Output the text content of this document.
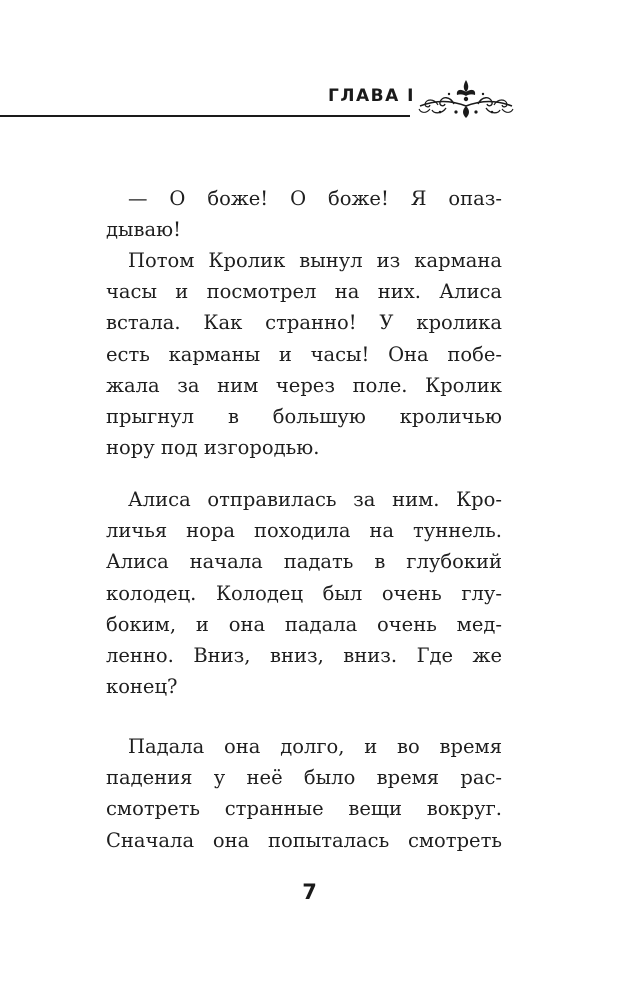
ГЛАВА I
— О боже! О боже! Я опаз-
дываю!
Потом Кролик вынул из кармана
часы и посмотрел на них. Алиса
встала. Как странно! У кролика
есть карманы и часы! Она побе-
жала за ним через поле. Кролик
прыгнул в большую кроличью
нору под изгородью.
Алиса отправилась за ним. Кро-
личья нора походила на туннель.
Алиса начала падать в глубокий
колодец. Колодец был очень глу-
боким, и она падала очень мед-
ленно. Вниз, вниз, вниз. Где же
конец?
Падала она долго, и во время
падения у неё было время рас-
смотреть странные вещи вокруг.
Сначала она попыталась смотреть
7
